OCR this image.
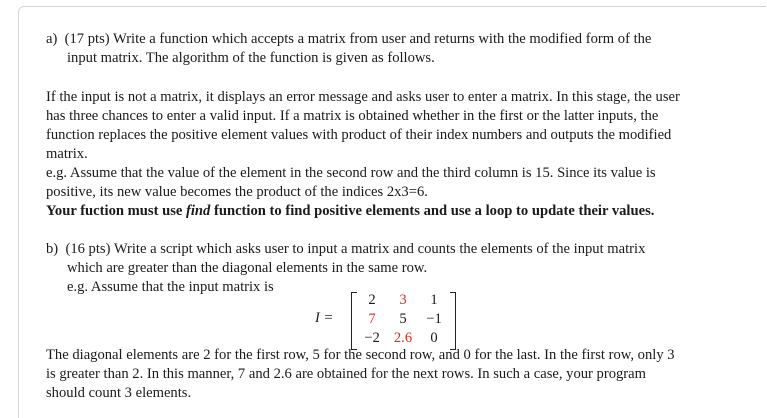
a)  (17 pts) Write a function which accepts a matrix from user and returns with the modified form of the

input matrix. The algorithm of the function is given as follows.

If the input is not a matrix, it displays an error message and asks user to enter a matrix. In this stage, the user

has three chances to enter a valid input. If a matrix is obtained whether in the first or the latter inputs, the

function replaces the positive element values with product of their index numbers and outputs the modified

matrix.

e.g. Assume that the value of the element in the second row and the third column is 15. Since its value is

positive, its new value becomes the product of the indices 2x3=6.

Your fuction must use find function to find positive elements and use a loop to update their values.

b)  (16 pts) Write a script which asks user to input a matrix and counts the elements of the input matrix

which are greater than the diagonal elements in the same row.

e.g. Assume that the input matrix is

I =
2	3	1
7	5	−1
−2 2.6	0

The diagonal elements are 2 for the first row, 5 for the second row, and 0 for the last. In the first row, only 3

is greater than 2. In this manner, 7 and 2.6 are obtained for the next rows. In such a case, your program

should count 3 elements.
